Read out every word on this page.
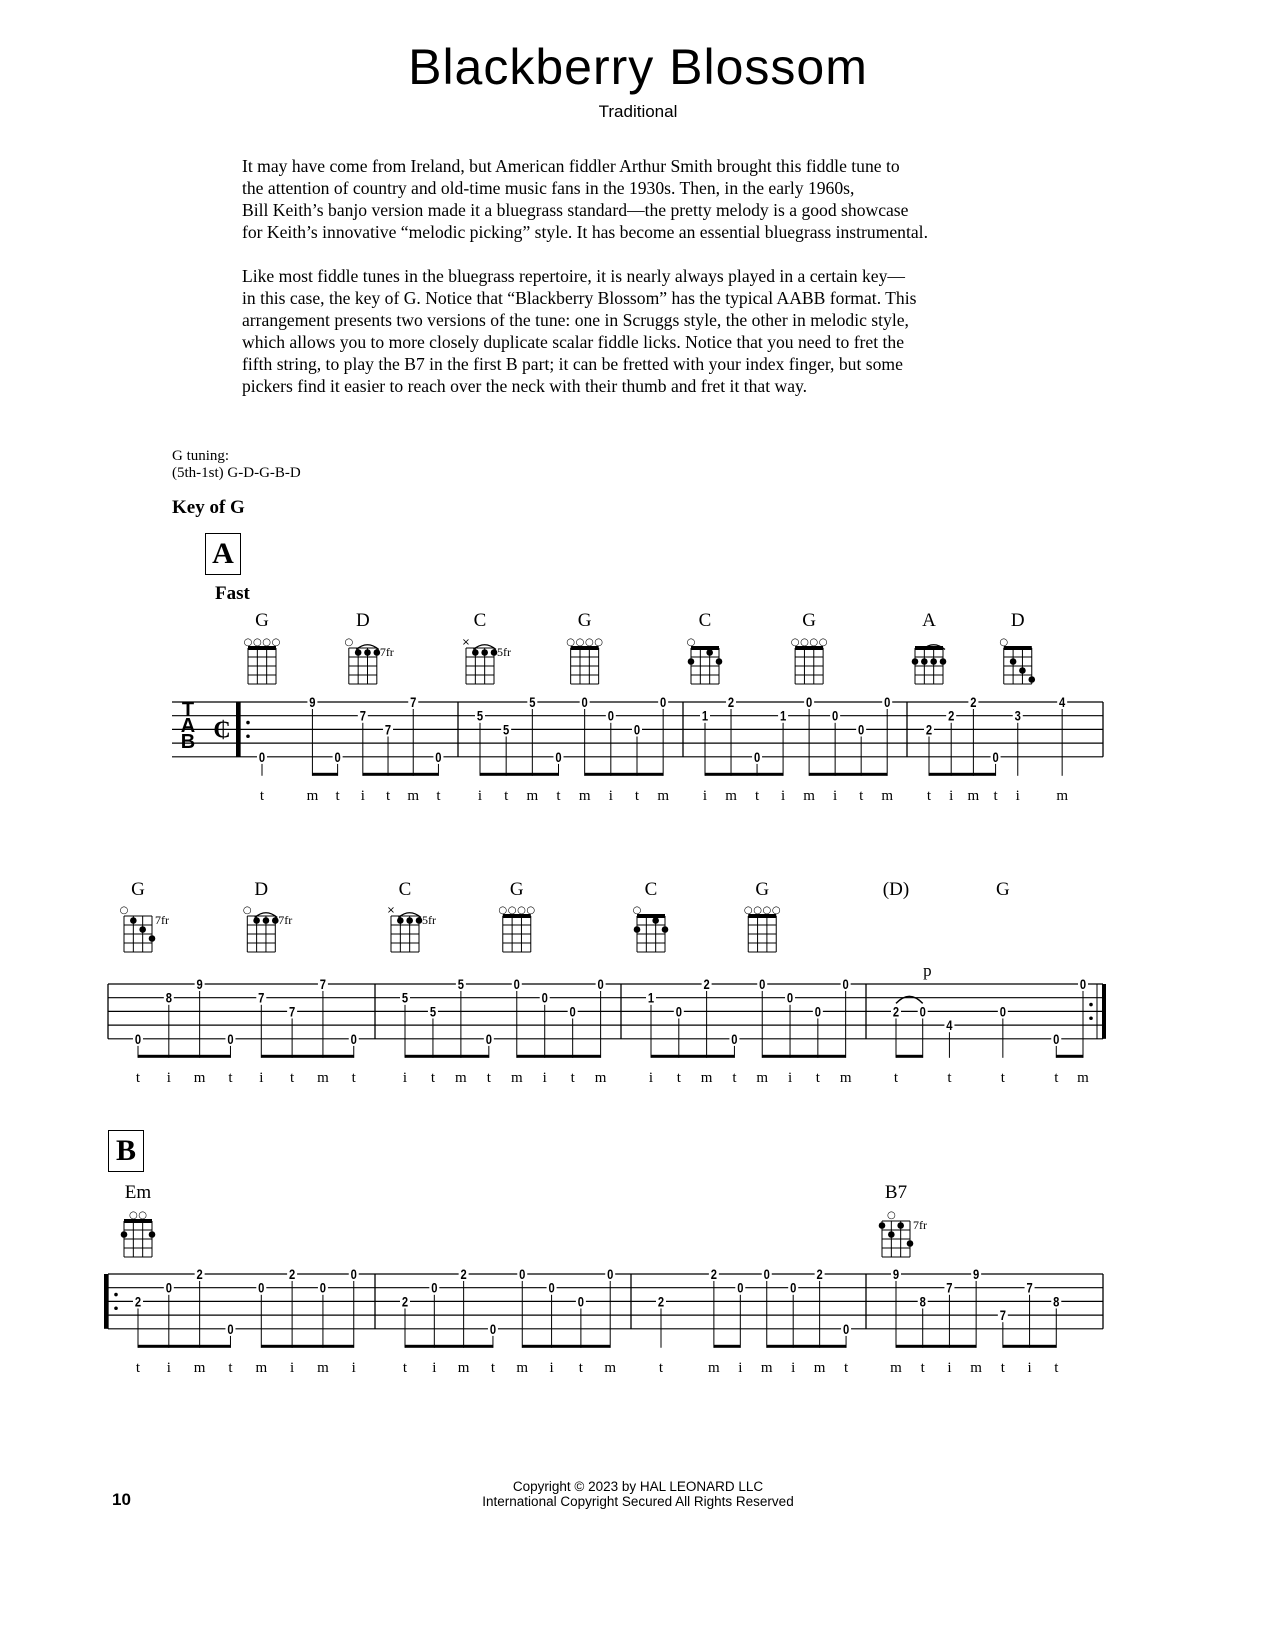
Blackberry Blossom
Traditional
It may have come from Ireland, but American fiddler Arthur Smith brought this fiddle tune to
the attention of country and old-time music fans in the 1930s. Then, in the early 1960s,
Bill Keith’s banjo version made it a bluegrass standard—the pretty melody is a good showcase
for Keith’s innovative “melodic picking” style. It has become an essential bluegrass instrumental.
Like most fiddle tunes in the bluegrass repertoire, it is nearly always played in a certain key—
in this case, the key of G. Notice that “Blackberry Blossom” has the typical AABB format. This
arrangement presents two versions of the tune: one in Scruggs style, the other in melodic style,
which allows you to more closely duplicate scalar fiddle licks. Notice that you need to fret the
fifth string, to play the B7 in the first B part; it can be fretted with your index finger, but some
pickers find it easier to reach over the neck with their thumb and fret it that way.
G tuning:
(5th-1st) G-D-G-B-D
Key of G
A
Fast
B
T
A
B ₵
0
t
9
m
0
t
7
i
7
t
7
m
0
t
5
i
5
t
5
m
0
t
0
m
0
i
0
t
0
m
1
i
2
m
0
t
1
i
0
m
0
i
0
t
0
m
2
t
2
i
2
m
0
t
3
i
4
m
G
○ ○ ○ ○
D
○
7fr
C
×
5fr
G
○ ○ ○ ○
C
○
G
○ ○ ○ ○
A	D
○
0
t
8
i
9
m
0
t
7
i
7
t
7
m
0
t
5
i
5
t
5
m
0
t
0
m
0
i
0
t
0
m
1
i
0
t
2
m
0
t
0
m
0
i
0
t
0
m
2
t
0
4
t
0
t
0
t
0
m
p
G
○
7fr
D
○
7fr
C
×
5fr
G
○ ○ ○ ○
C
○
G
○ ○ ○ ○
(D)	G
2
t
0
i
2
m
0
t
0
m
2
i
0
m
0
i
2
t
0
i
2
m
0
t
0
m
0
i
0
t
0
m
2
t
2
m
0
i
0
m
0
i
2
m
0
t
9
m
8
t
7
i
9
m
7
t
7
i
8
t
Em
○ ○
B7
○
7fr
Copyright © 2023 by HAL LEONARD LLC
International Copyright Secured All Rights Reserved
10
